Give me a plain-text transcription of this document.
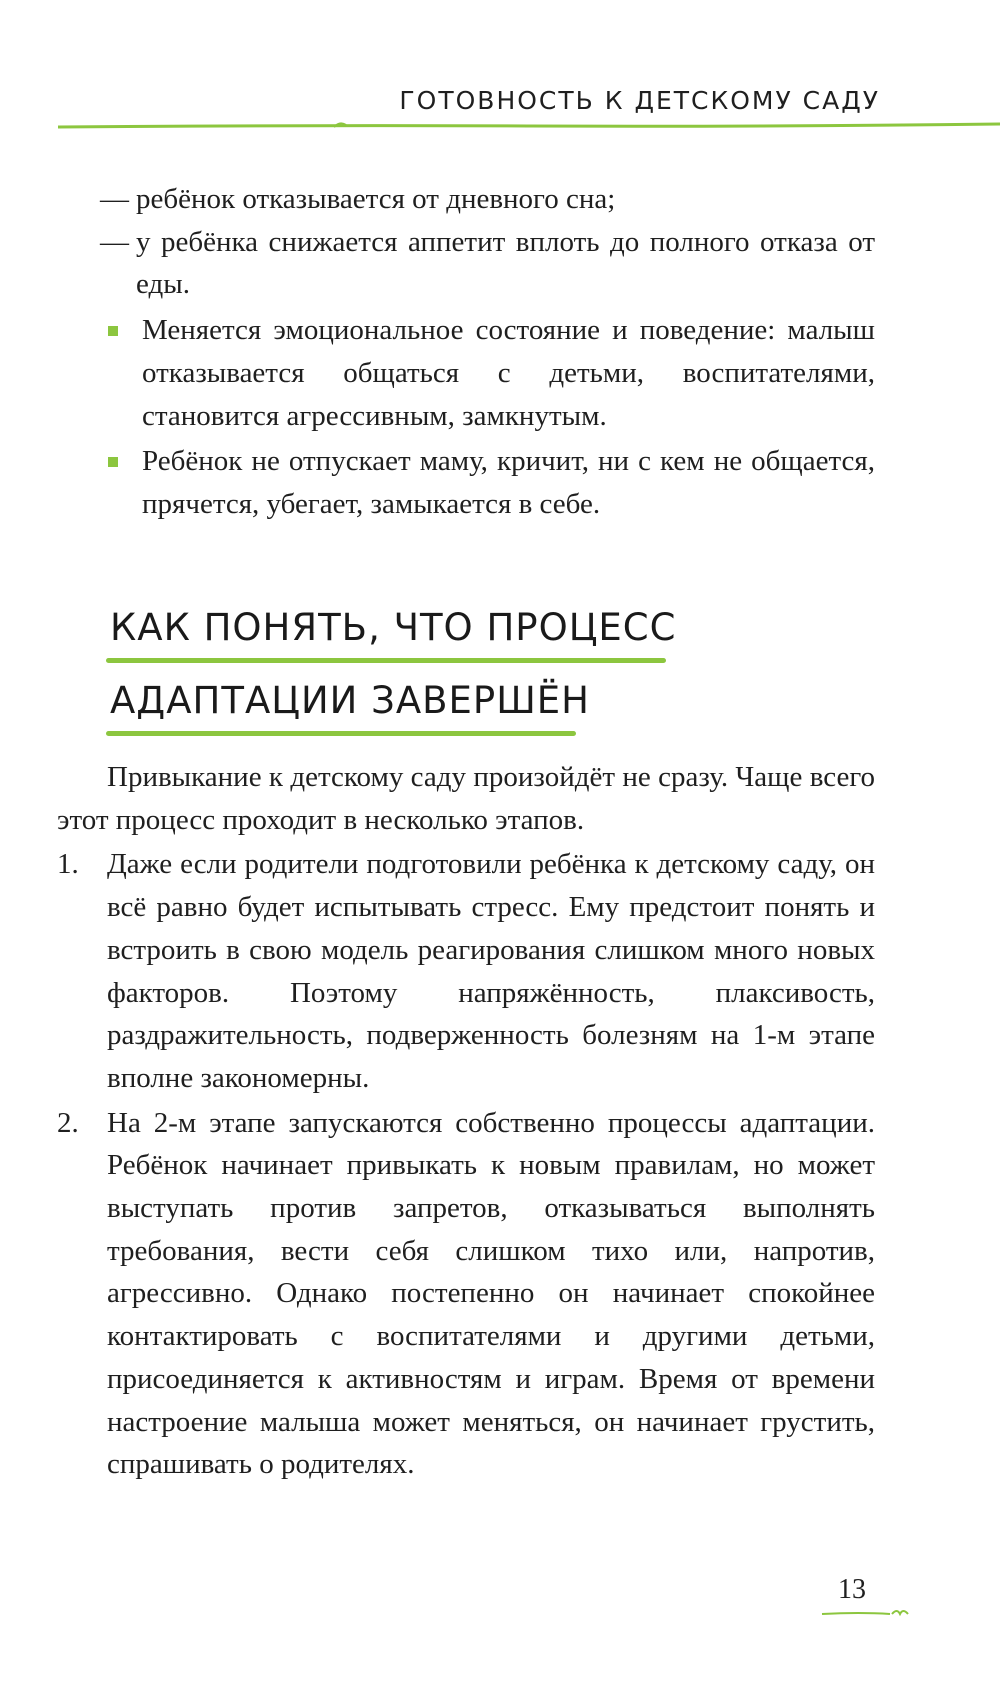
ГОТОВНОСТЬ К ДЕТСКОМУ САДУ
— ребёнок отказывается от дневного сна;
— у ребёнка снижается аппетит вплоть до полного отказа от еды.
Меняется эмоциональное состояние и поведение: малыш отказывается общаться с детьми, воспитателями, становится агрессивным, замкнутым.
Ребёнок не отпускает маму, кричит, ни с кем не общается, прячется, убегает, замыкается в себе.
КАК ПОНЯТЬ, ЧТО ПРОЦЕСС
АДАПТАЦИИ ЗАВЕРШЁН

Привыкание к детскому саду произойдёт не сразу. Чаще всего этот процесс проходит в несколько этапов.

1. Даже если родители подготовили ребёнка к детскому саду, он всё равно будет испытывать стресс. Ему предстоит понять и встроить в свою модель реагирования слишком много новых факторов. Поэтому напряжённость, плаксивость, раздражительность, подверженность болезням на 1-м этапе вполне закономерны.
2. На 2-м этапе запускаются собственно процессы адаптации. Ребёнок начинает привыкать к новым правилам, но может выступать против запретов, отказываться выполнять требования, вести себя слишком тихо или, напротив, агрессивно. Однако постепенно он начинает спокойнее контактировать с воспитателями и другими детьми, присоединяется к активностям и играм. Время от времени настроение малыша может меняться, он начинает грустить, спрашивать о родителях.
13
